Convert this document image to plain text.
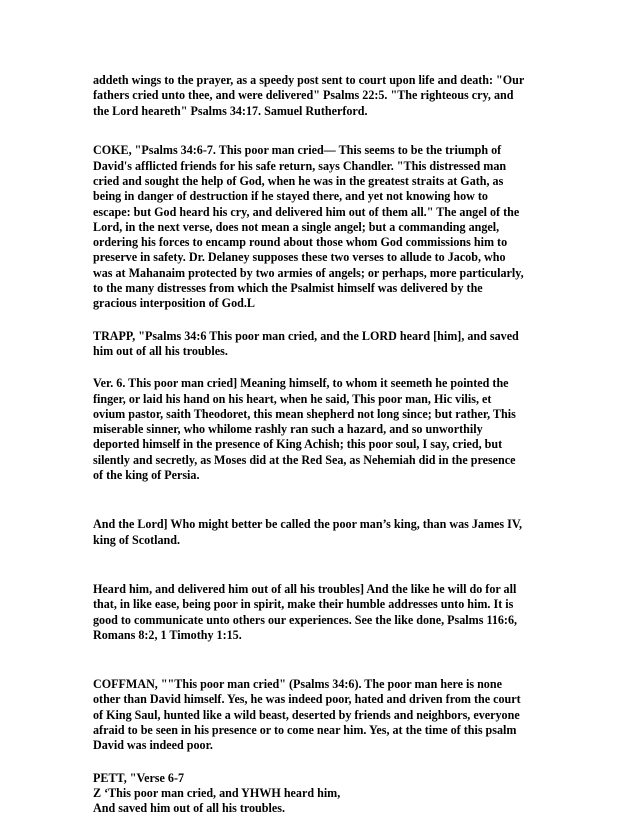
addeth wings to the prayer, as a speedy post sent to court upon life and death: "Our
fathers cried unto thee, and were delivered" Psalms 22:5. "The righteous cry, and
the Lord heareth" Psalms 34:17. Samuel Rutherford.

COKE, "Psalms 34:6-7. This poor man cried— This seems to be the triumph of
David's afflicted friends for his safe return, says Chandler. "This distressed man
cried and sought the help of God, when he was in the greatest straits at Gath, as
being in danger of destruction if he stayed there, and yet not knowing how to
escape: but God heard his cry, and delivered him out of them all." The angel of the
Lord, in the next verse, does not mean a single angel; but a commanding angel,
ordering his forces to encamp round about those whom God commissions him to
preserve in safety. Dr. Delaney supposes these two verses to allude to Jacob, who
was at Mahanaim protected by two armies of angels; or perhaps, more particularly,
to the many distresses from which the Psalmist himself was delivered by the
gracious interposition of God.L

TRAPP, "Psalms 34:6 This poor man cried, and the LORD heard [him], and saved
him out of all his troubles.

Ver. 6. This poor man cried] Meaning himself, to whom it seemeth he pointed the
finger, or laid his hand on his heart, when he said, This poor man, Hic vilis, et
ovium pastor, saith Theodoret, this mean shepherd not long since; but rather, This
miserable sinner, who whilome rashly ran such a hazard, and so unworthily
deported himself in the presence of King Achish; this poor soul, I say, cried, but
silently and secretly, as Moses did at the Red Sea, as Nehemiah did in the presence
of the king of Persia.

And the Lord] Who might better be called the poor man’s king, than was James IV,
king of Scotland.

Heard him, and delivered him out of all his troubles] And the like he will do for all
that, in like ease, being poor in spirit, make their humble addresses unto him. It is
good to communicate unto others our experiences. See the like done, Psalms 116:6,
Romans 8:2, 1 Timothy 1:15.

COFFMAN, ""This poor man cried" (Psalms 34:6). The poor man here is none
other than David himself. Yes, he was indeed poor, hated and driven from the court
of King Saul, hunted like a wild beast, deserted by friends and neighbors, everyone
afraid to be seen in his presence or to come near him. Yes, at the time of this psalm
David was indeed poor.

PETT, "Verse 6-7
Z ‘This poor man cried, and YHWH heard him,
And saved him out of all his troubles.
